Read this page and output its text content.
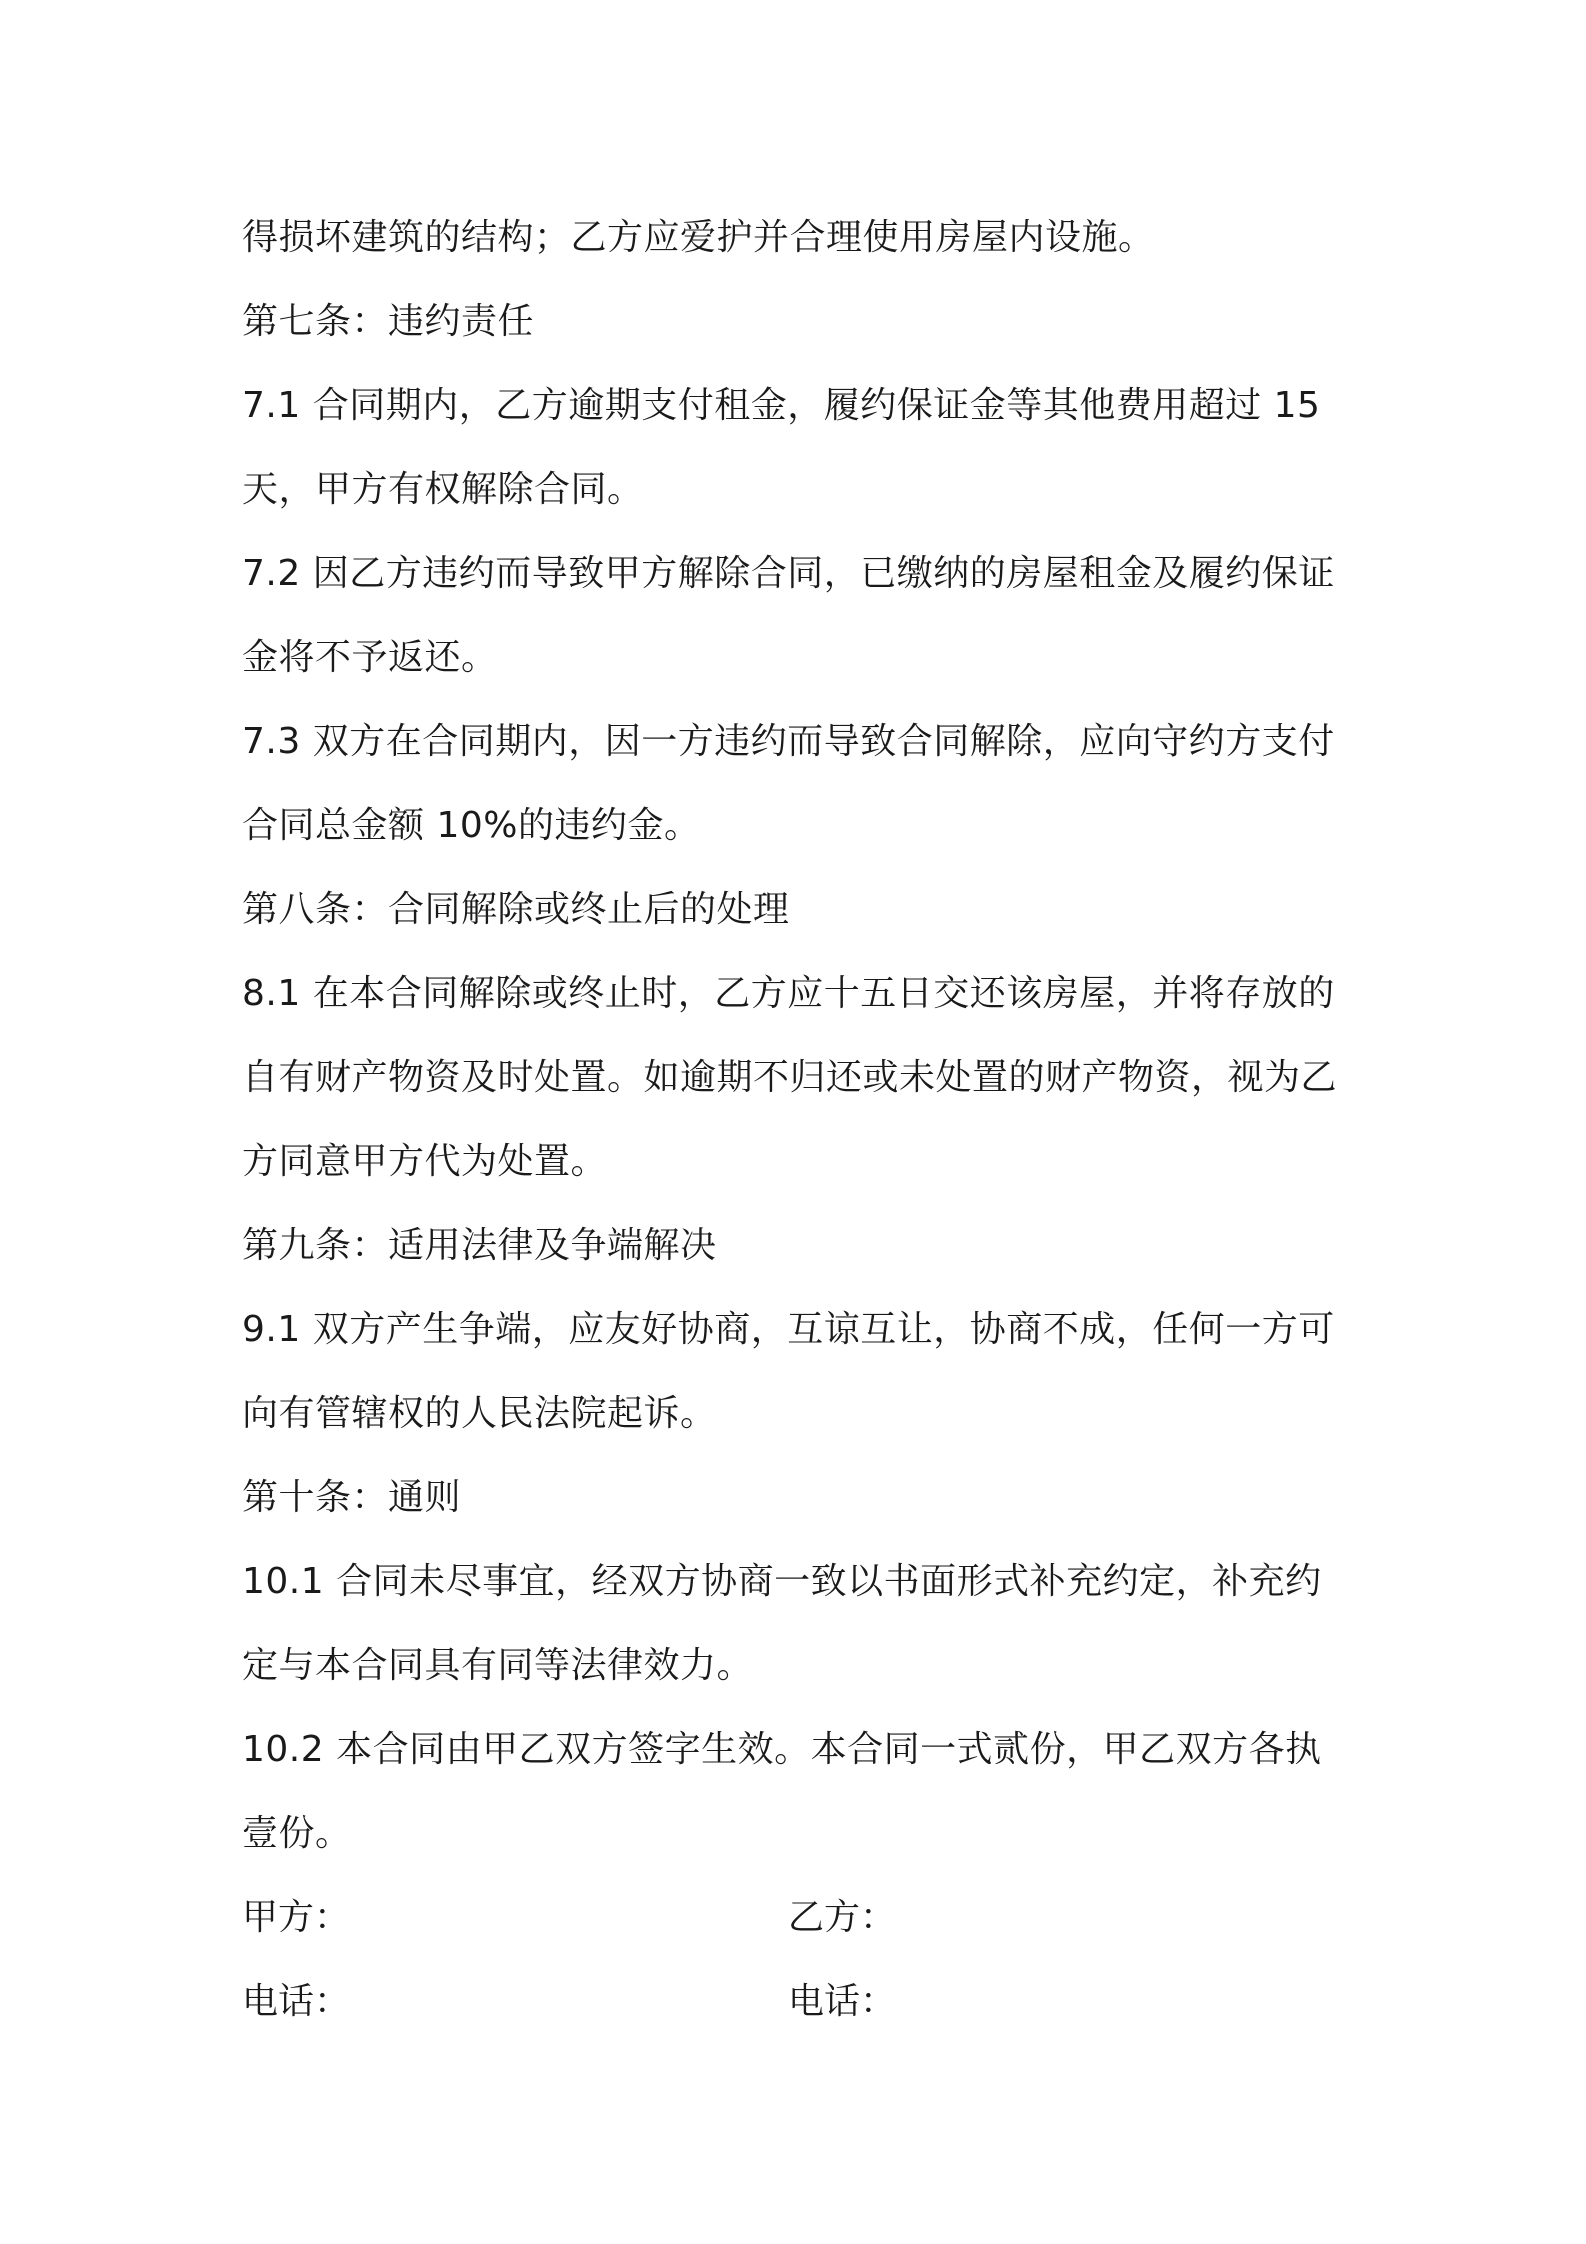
得损坏建筑的结构；乙方应爱护并合理使用房屋内设施。
第七条：违约责任
7.1 合同期内，乙方逾期支付租金，履约保证金等其他费用超过 15
天，甲方有权解除合同。
7.2 因乙方违约而导致甲方解除合同，已缴纳的房屋租金及履约保证
金将不予返还。
7.3 双方在合同期内，因一方违约而导致合同解除，应向守约方支付
合同总金额 10%的违约金。
第八条：合同解除或终止后的处理
8.1 在本合同解除或终止时，乙方应十五日交还该房屋，并将存放的
自有财产物资及时处置。如逾期不归还或未处置的财产物资，视为乙
方同意甲方代为处置。
第九条：适用法律及争端解决
9.1 双方产生争端，应友好协商，互谅互让，协商不成，任何一方可
向有管辖权的人民法院起诉。
第十条：通则
10.1 合同未尽事宜，经双方协商一致以书面形式补充约定，补充约
定与本合同具有同等法律效力。
10.2 本合同由甲乙双方签字生效。本合同一式贰份，甲乙双方各执
壹份。
甲方：	乙方：
电话：	电话：
